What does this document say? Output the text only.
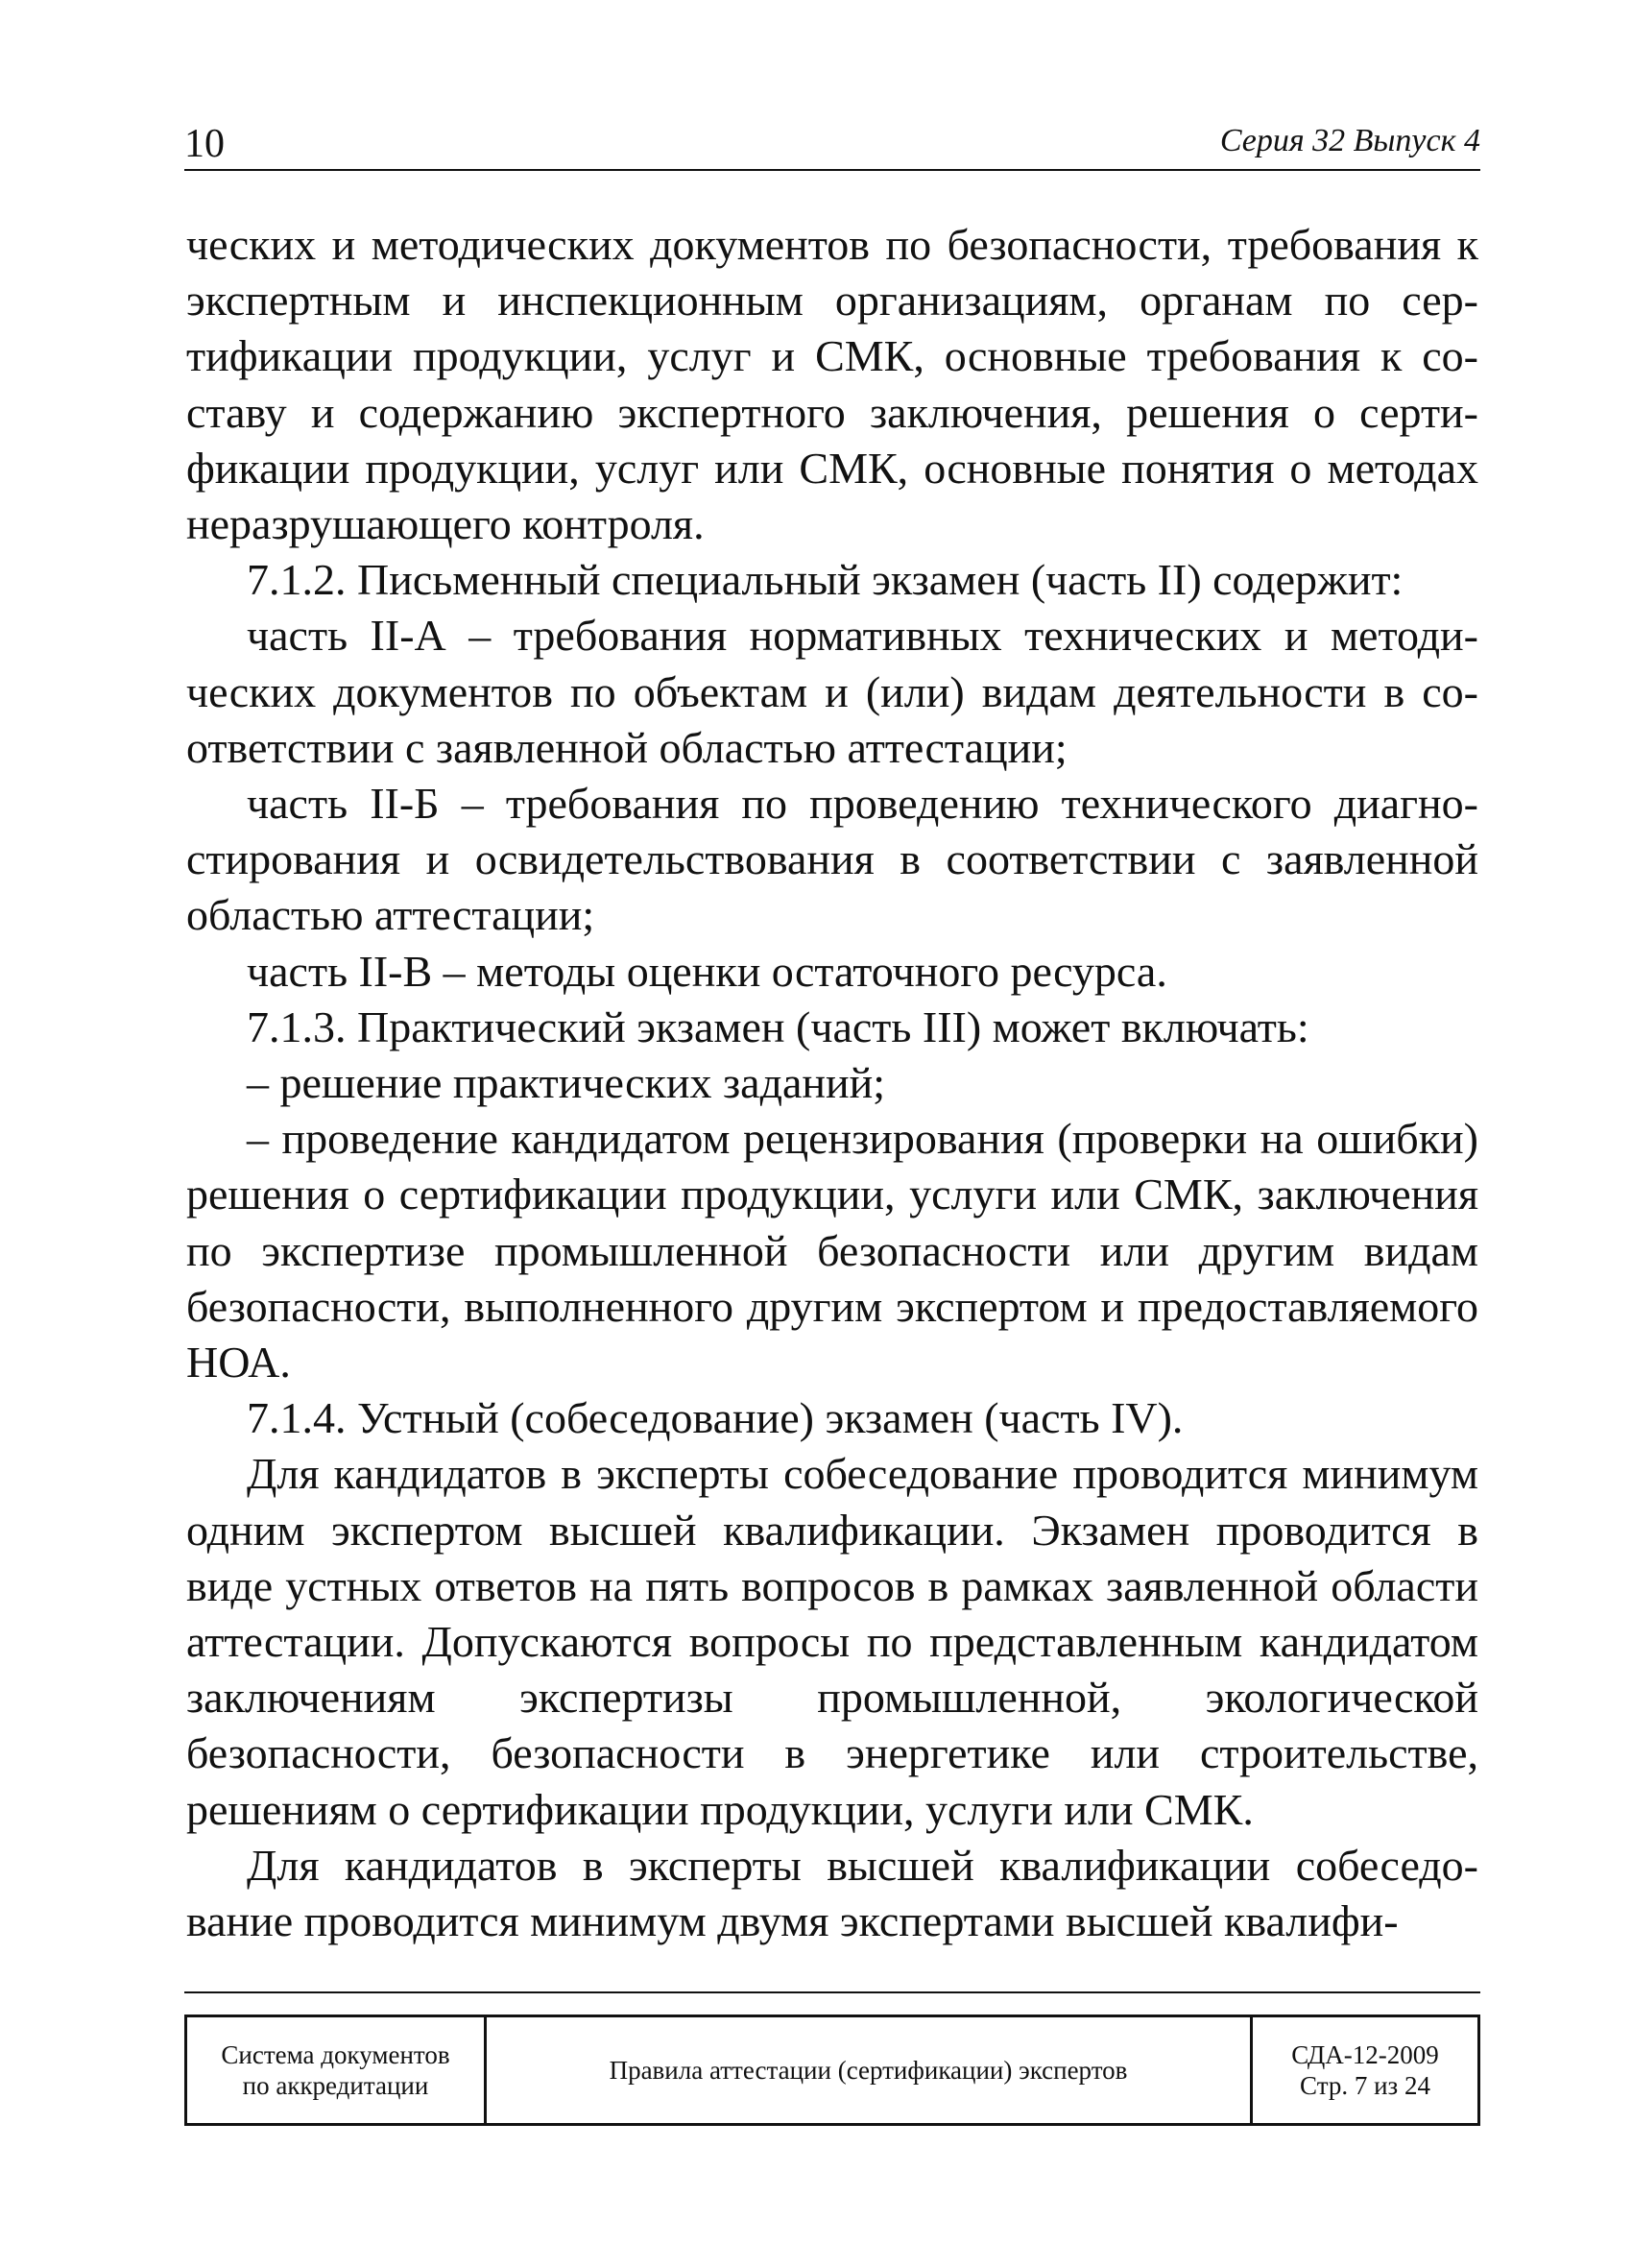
10	Серия 32 Выпуск 4

ческих и методических документов по безопасности, требования к экспертным и инспекционным организациям, органам по сертификации продукции, услуг и СМК, основные требования к составу и содержанию экспертного заключения, решения о сертификации продукции, услуг или СМК, основные понятия о методах неразрушающего контроля.

7.1.2. Письменный специальный экзамен (часть II) содержит:

часть II-А – требования нормативных технических и методических документов по объектам и (или) видам деятельности в соответствии с заявленной областью аттестации;

часть II-Б – требования по проведению технического диагностирования и освидетельствования в соответствии с заявленной областью аттестации;

часть II-В – методы оценки остаточного ресурса.

7.1.3. Практический экзамен (часть III) может включать:

– решение практических заданий;

– проведение кандидатом рецензирования (проверки на ошибки) решения о сертификации продукции, услуги или СМК, заключения по экспертизе промышленной безопасности или другим видам безопасности, выполненного другим экспертом и предоставляемого НОА.

7.1.4. Устный (собеседование) экзамен (часть IV).

Для кандидатов в эксперты собеседование проводится минимум одним экспертом высшей квалификации. Экзамен проводится в виде устных ответов на пять вопросов в рамках заявленной области аттестации. Допускаются вопросы по представленным кандидатом заключениям экспертизы промышленной, экологической безопасности, безопасности в энергетике или строительстве, решениям о сертификации продукции, услуги или СМК.

Для кандидатов в эксперты высшей квалификации собеседование проводится минимум двумя экспертами высшей квалифи-

Система документов
по аккредитации
Правила аттестации (сертификации) экспертов
СДА-12-2009
Стр. 7 из 24
